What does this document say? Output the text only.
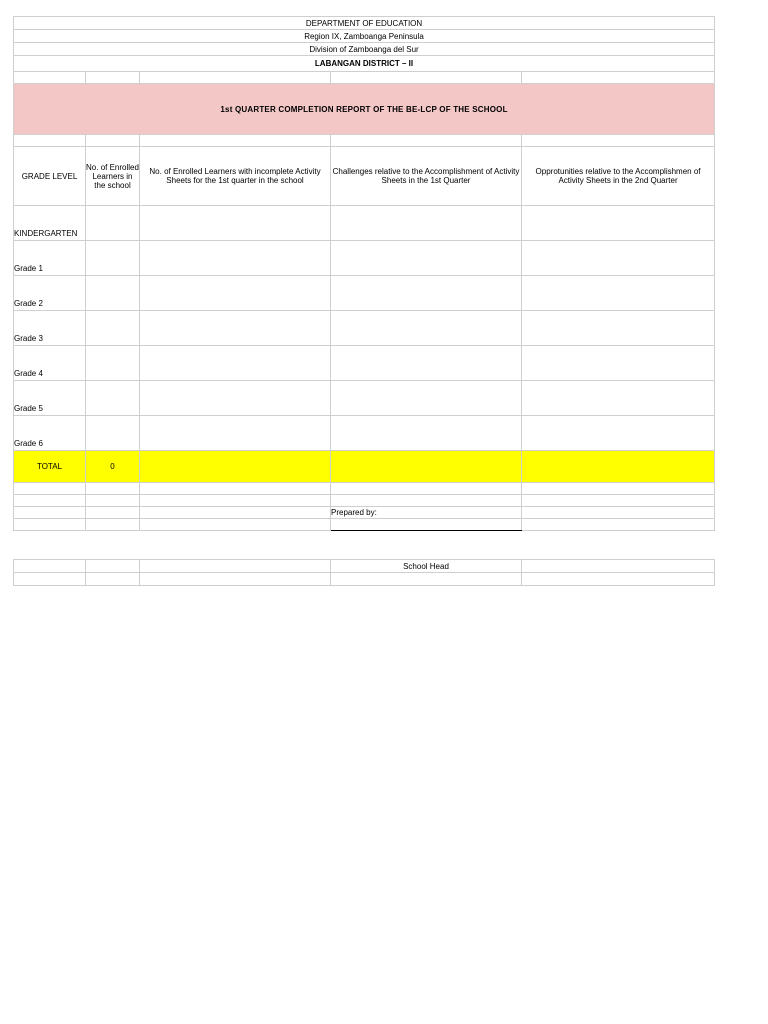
DEPARTMENT OF EDUCATION				
Region IX, Zamboanga Peninsula				
Division of Zamboanga del Sur				
LABANGAN DISTRICT – II				

1st QUARTER COMPLETION REPORT OF THE BE-LCP OF THE SCHOOL				

GRADE LEVEL	No. of Enrolled Learners in the school	No. of Enrolled Learners with incomplete Activity Sheets for the 1st quarter in the school	Challenges relative to the Accomplishment of Activity Sheets in the 1st Quarter	Opprotunities relative to the Accomplishmen of Activity Sheets in the 2nd Quarter
KINDERGARTEN				
Grade 1				
Grade 2				
Grade 3				
Grade 4				
Grade 5				
Grade 6				
TOTAL	0			

			Prepared by:	

			School Head	
